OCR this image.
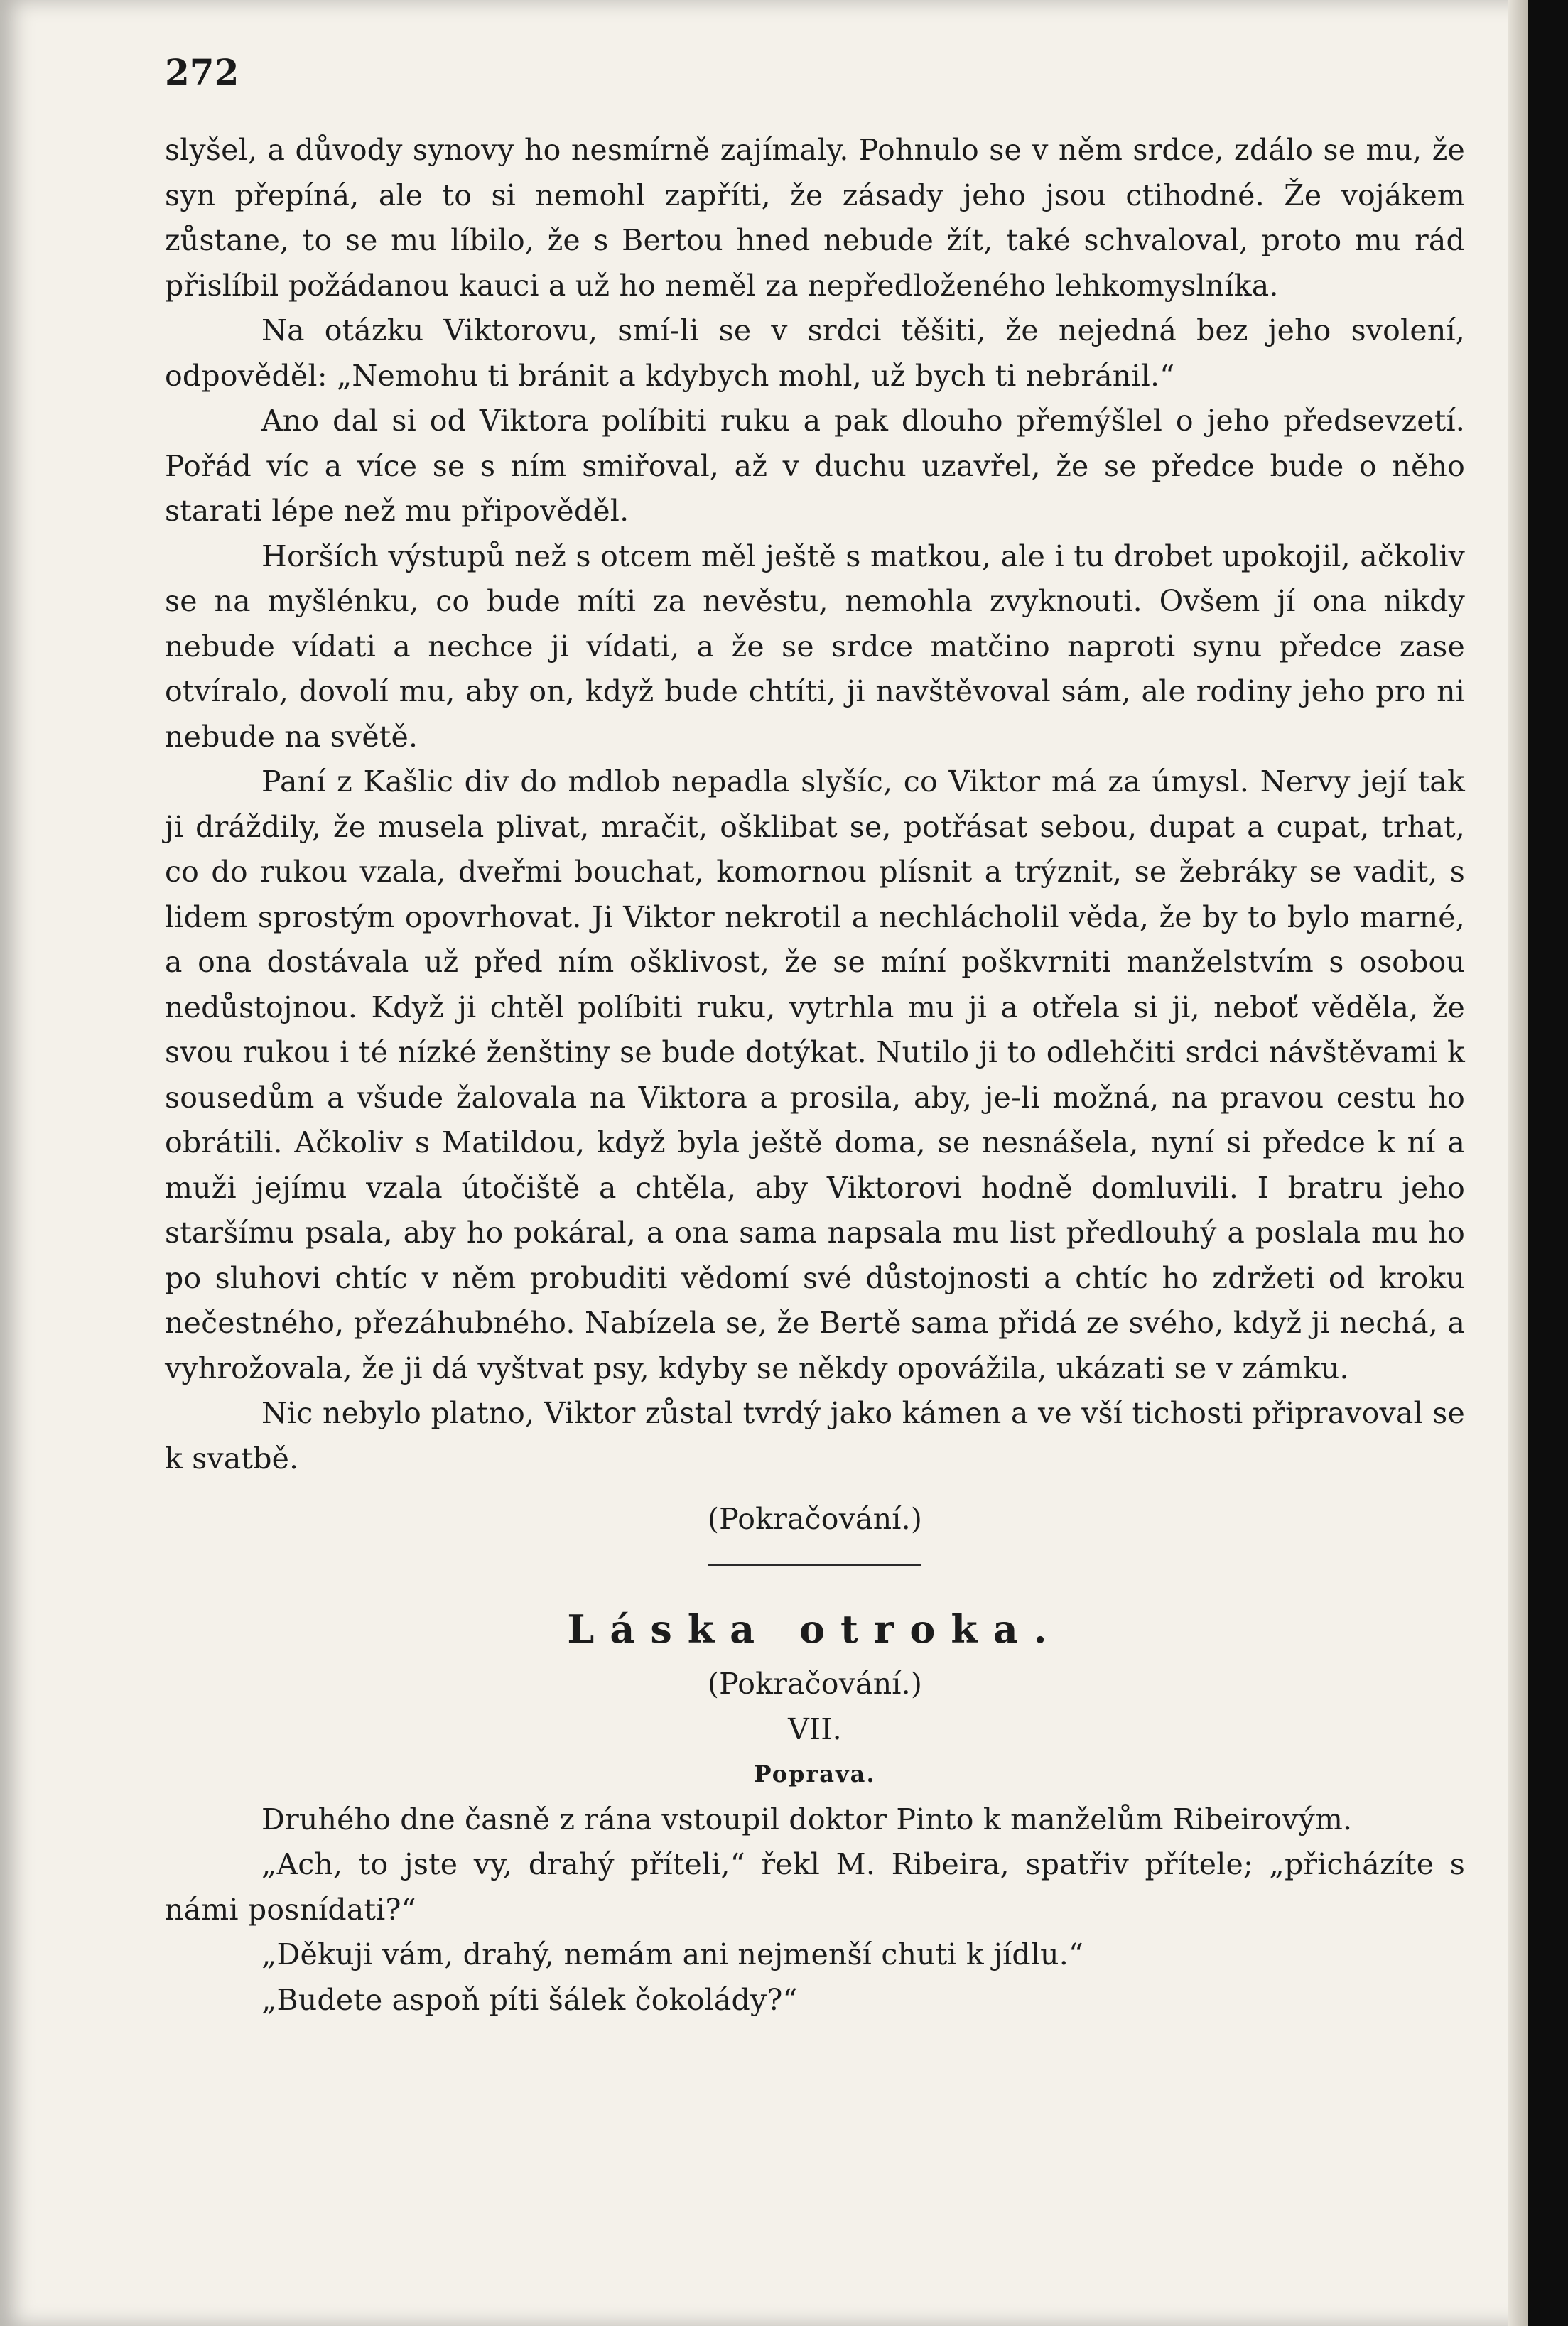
272

slyšel, a důvody synovy ho nesmírně zajímaly. Pohnulo se v něm srdce, zdálo se mu, že syn přepíná, ale to si nemohl zapříti, že zásady jeho jsou ctihodné. Že vojákem zůstane, to se mu líbilo, že s Bertou hned nebude žít, také schvaloval, proto mu rád přislíbil požádanou kauci a už ho neměl za nepředloženého lehkomyslníka.

Na otázku Viktorovu, smí-li se v srdci těšiti, že nejedná bez jeho svolení, odpověděl: „Nemohu ti bránit a kdybych mohl, už bych ti nebránil.“

Ano dal si od Viktora políbiti ruku a pak dlouho přemýšlel o jeho předsevzetí. Pořád víc a více se s ním smiřoval, až v duchu uzavřel, že se předce bude o něho starati lépe než mu připověděl.

Horších výstupů než s otcem měl ještě s matkou, ale i tu drobet upokojil, ačkoliv se na myšlénku, co bude míti za nevěstu, nemohla zvyknouti. Ovšem jí ona nikdy nebude vídati a nechce ji vídati, a že se srdce matčino naproti synu předce zase otvíralo, dovolí mu, aby on, když bude chtíti, ji navštěvoval sám, ale rodiny jeho pro ni nebude na světě.

Paní z Kašlic div do mdlob nepadla slyšíc, co Viktor má za úmysl. Nervy její tak ji dráždily, že musela plivat, mračit, ošklibat se, potřásat sebou, dupat a cupat, trhat, co do rukou vzala, dveřmi bouchat, komornou plísnit a trýznit, se žebráky se vadit, s lidem sprostým opovrhovat. Ji Viktor nekrotil a nechlácholil věda, že by to bylo marné, a ona dostávala už před ním ošklivost, že se míní poškvrniti manželstvím s osobou nedůstojnou. Když ji chtěl políbiti ruku, vytrhla mu ji a otřela si ji, neboť věděla, že svou rukou i té nízké ženštiny se bude dotýkat. Nutilo ji to odlehčiti srdci návštěvami k sousedům a všude žalovala na Viktora a prosila, aby, je-li možná, na pravou cestu ho obrátili. Ačkoliv s Matildou, když byla ještě doma, se nesnášela, nyní si předce k ní a muži jejímu vzala útočiště a chtěla, aby Viktorovi hodně domluvili. I bratru jeho staršímu psala, aby ho pokáral, a ona sama napsala mu list předlouhý a poslala mu ho po sluhovi chtíc v něm probuditi vědomí své důstojnosti a chtíc ho zdržeti od kroku nečestného, přezáhubného. Nabízela se, že Bertě sama přidá ze svého, když ji nechá, a vyhrožovala, že ji dá vyštvat psy, kdyby se někdy opovážila, ukázati se v zámku.

Nic nebylo platno, Viktor zůstal tvrdý jako kámen a ve vší tichosti připravoval se k svatbě.

(Pokračování.)

Láska otroka.

(Pokračování.)

VII.

Poprava.

Druhého dne časně z rána vstoupil doktor Pinto k manželům Ribeirovým.

„Ach, to jste vy, drahý příteli,“ řekl M. Ribeira, spatřiv přítele; „přicházíte s námi posnídati?“

„Děkuji vám, drahý, nemám ani nejmenší chuti k jídlu.“

„Budete aspoň píti šálek čokolády?“
